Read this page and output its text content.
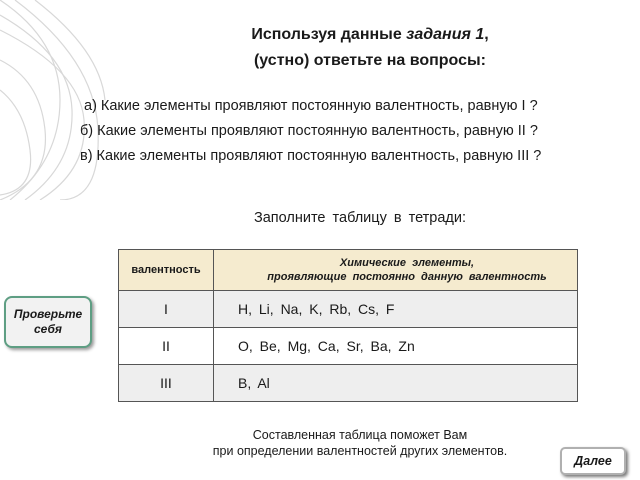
Используя данные задания 1,
(устно) ответьте на вопросы:
а) Какие элементы проявляют постоянную валентность, равную I ?
б) Какие элементы проявляют постоянную валентность, равную II ?
в) Какие элементы проявляют постоянную валентность, равную III ?
Заполните таблицу в тетради:
валентность	Химические элементы,
проявляющие постоянно данную валентность

I	H, Li, Na, K, Rb, Cs, F
II	O, Be, Mg, Ca, Sr, Ba, Zn
III	B, Al
Проверьте
себя
Составленная таблица поможет Вам
при определении валентностей других элементов.
Далее
